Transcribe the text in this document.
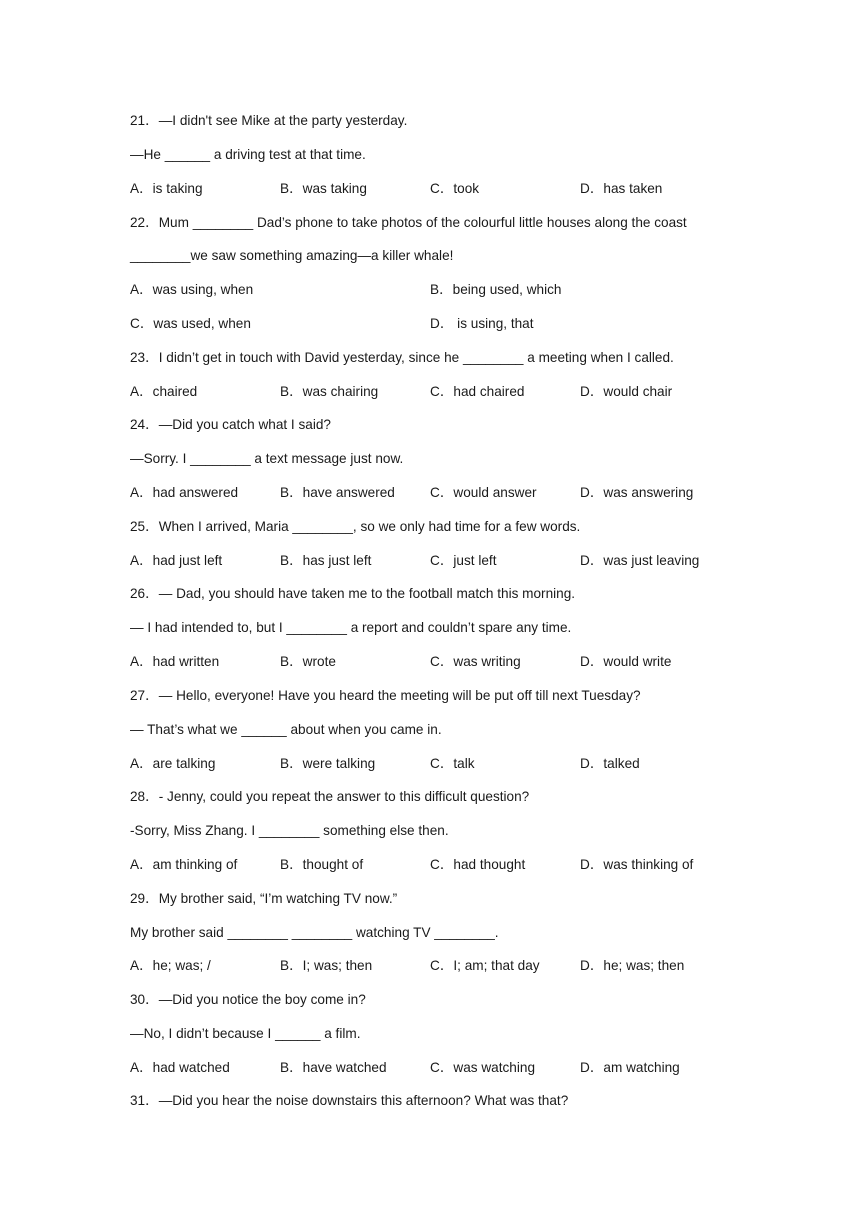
21．—I didn't see Mike at the party yesterday.
—He ______ a driving test at that time.
A．is taking	B．was taking	C．took	D．has taken
22．Mum ________ Dad’s phone to take photos of the colourful little houses along the coast
________we saw something amazing—a killer whale!
A．was using, when	B．being used, which
C．was used, when	D． is using, that
23．I didn’t get in touch with David yesterday, since he ________ a meeting when I called.
A．chaired	B．was chairing	C．had chaired	D．would chair
24．—Did you catch what I said?
—Sorry. I ________ a text message just now.
A．had answered	B．have answered	C．would answer	D．was answering
25．When I arrived, Maria ________, so we only had time for a few words.
A．had just left	B．has just left	C．just left	D．was just leaving
26．— Dad, you should have taken me to the football match this morning.
— I had intended to, but I ________ a report and couldn’t spare any time.
A．had written	B．wrote	C．was writing	D．would write
27．— Hello, everyone! Have you heard the meeting will be put off till next Tuesday?
— That’s what we ______ about when you came in.
A．are talking	B．were talking	C．talk	D．talked
28．- Jenny, could you repeat the answer to this difficult question?
-Sorry, Miss Zhang. I ________ something else then.
A．am thinking of	B．thought of	C．had thought	D．was thinking of
29．My brother said, “I’m watching TV now.”
My brother said ________ ________ watching TV ________.
A．he; was; /	B．I; was; then	C．I; am; that day	D．he; was; then
30．—Did you notice the boy come in?
—No, I didn’t because I ______ a film.
A．had watched	B．have watched	C．was watching	D．am watching
31．—Did you hear the noise downstairs this afternoon? What was that?
